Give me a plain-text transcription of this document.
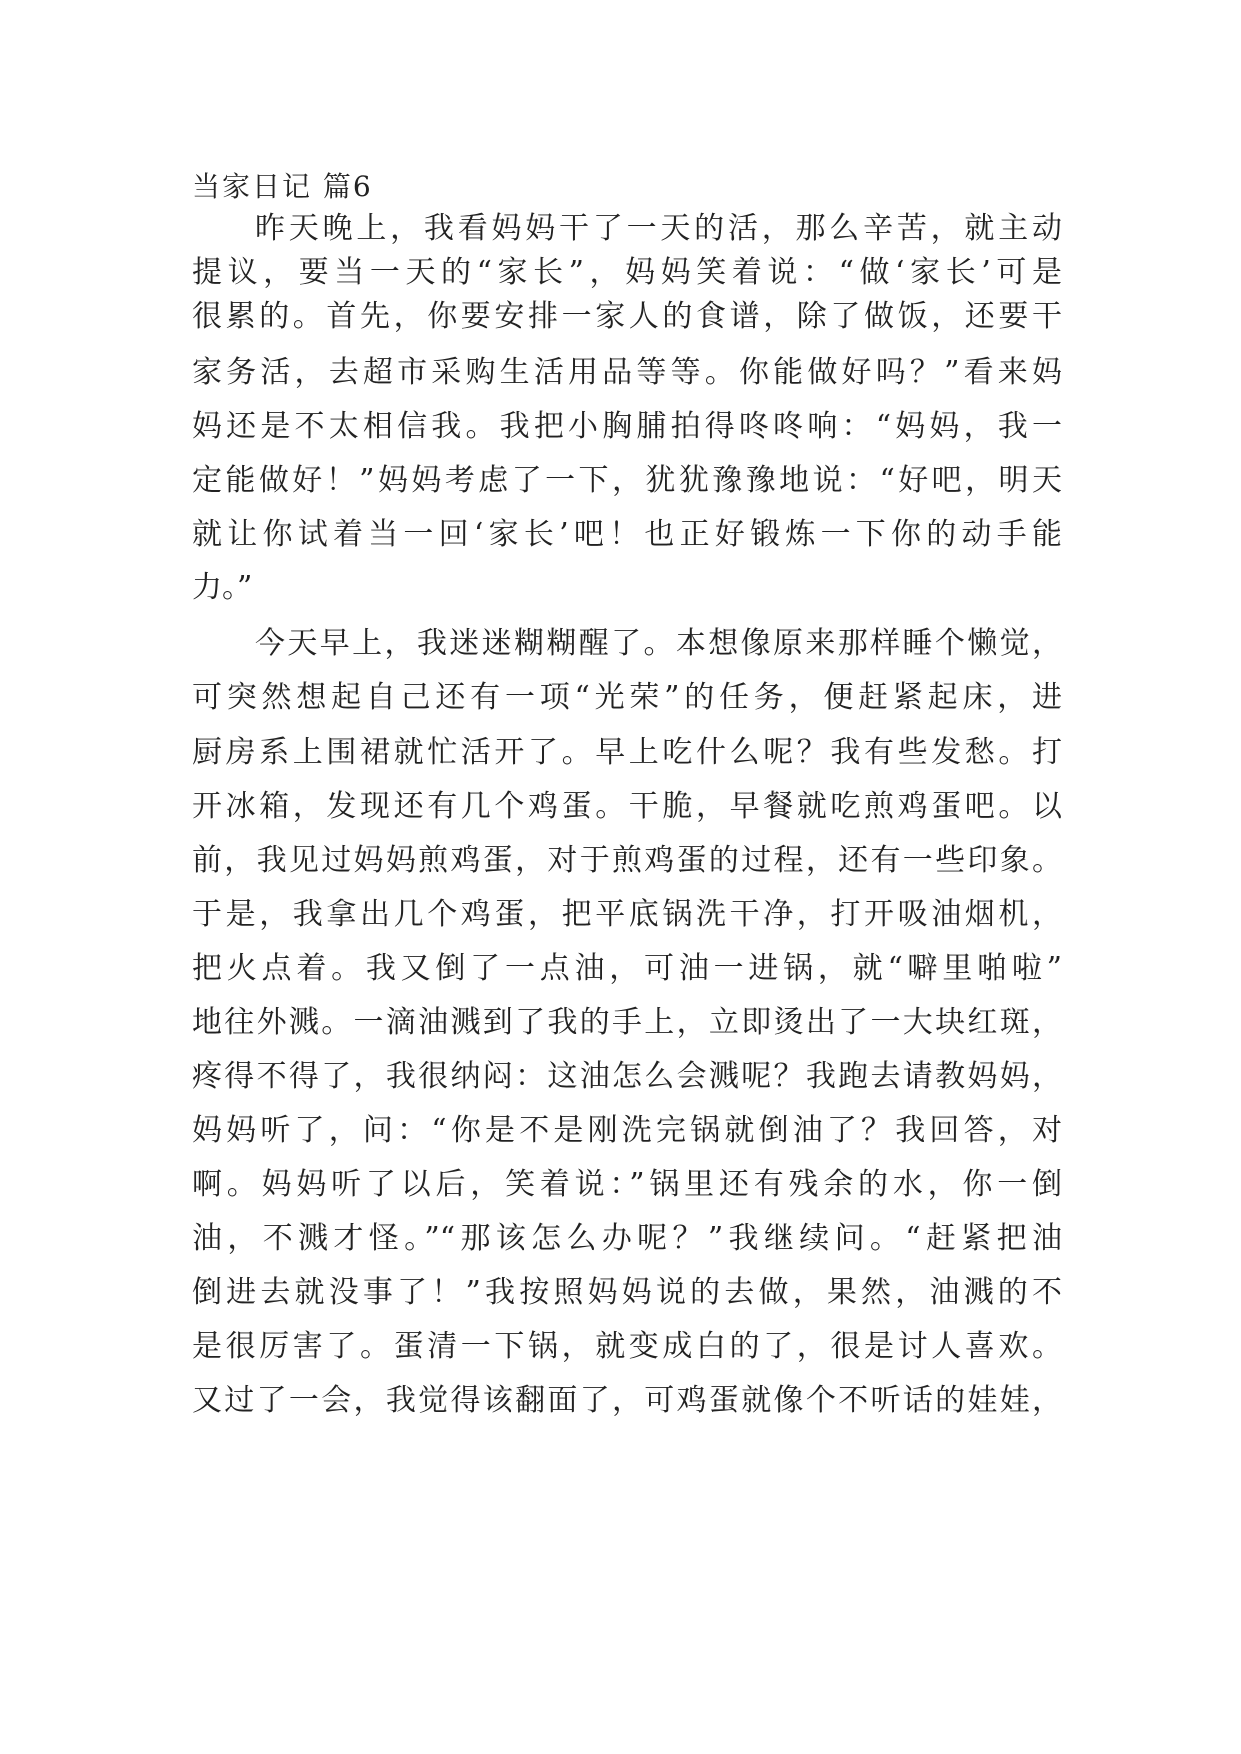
当家日记 篇6
昨天晚上，我看妈妈干了一天的活，那么辛苦，就主动
提议，要当一天的“家长”，妈妈笑着说：“做‘家长’可是
很累的。首先，你要安排一家人的食谱，除了做饭，还要干
家务活，去超市采购生活用品等等。你能做好吗？”看来妈
妈还是不太相信我。我把小胸脯拍得咚咚响：“妈妈，我一
定能做好！”妈妈考虑了一下，犹犹豫豫地说：“好吧，明天
就让你试着当一回‘家长’吧！也正好锻炼一下你的动手能
力。”
今天早上，我迷迷糊糊醒了。本想像原来那样睡个懒觉，
可突然想起自己还有一项“光荣”的任务，便赶紧起床，进
厨房系上围裙就忙活开了。早上吃什么呢？我有些发愁。打
开冰箱，发现还有几个鸡蛋。干脆，早餐就吃煎鸡蛋吧。以
前，我见过妈妈煎鸡蛋，对于煎鸡蛋的过程，还有一些印象。
于是，我拿出几个鸡蛋，把平底锅洗干净，打开吸油烟机，
把火点着。我又倒了一点油，可油一进锅，就“噼里啪啦”
地往外溅。一滴油溅到了我的手上，立即烫出了一大块红斑，
疼得不得了，我很纳闷：这油怎么会溅呢？我跑去请教妈妈，
妈妈听了，问：“你是不是刚洗完锅就倒油了？我回答，对
啊。妈妈听了以后，笑着说：”锅里还有残余的水，你一倒
油，不溅才怪。”“那该怎么办呢？”我继续问。“赶紧把油
倒进去就没事了！”我按照妈妈说的去做，果然，油溅的不
是很厉害了。蛋清一下锅，就变成白的了，很是讨人喜欢。
又过了一会，我觉得该翻面了，可鸡蛋就像个不听话的娃娃，
